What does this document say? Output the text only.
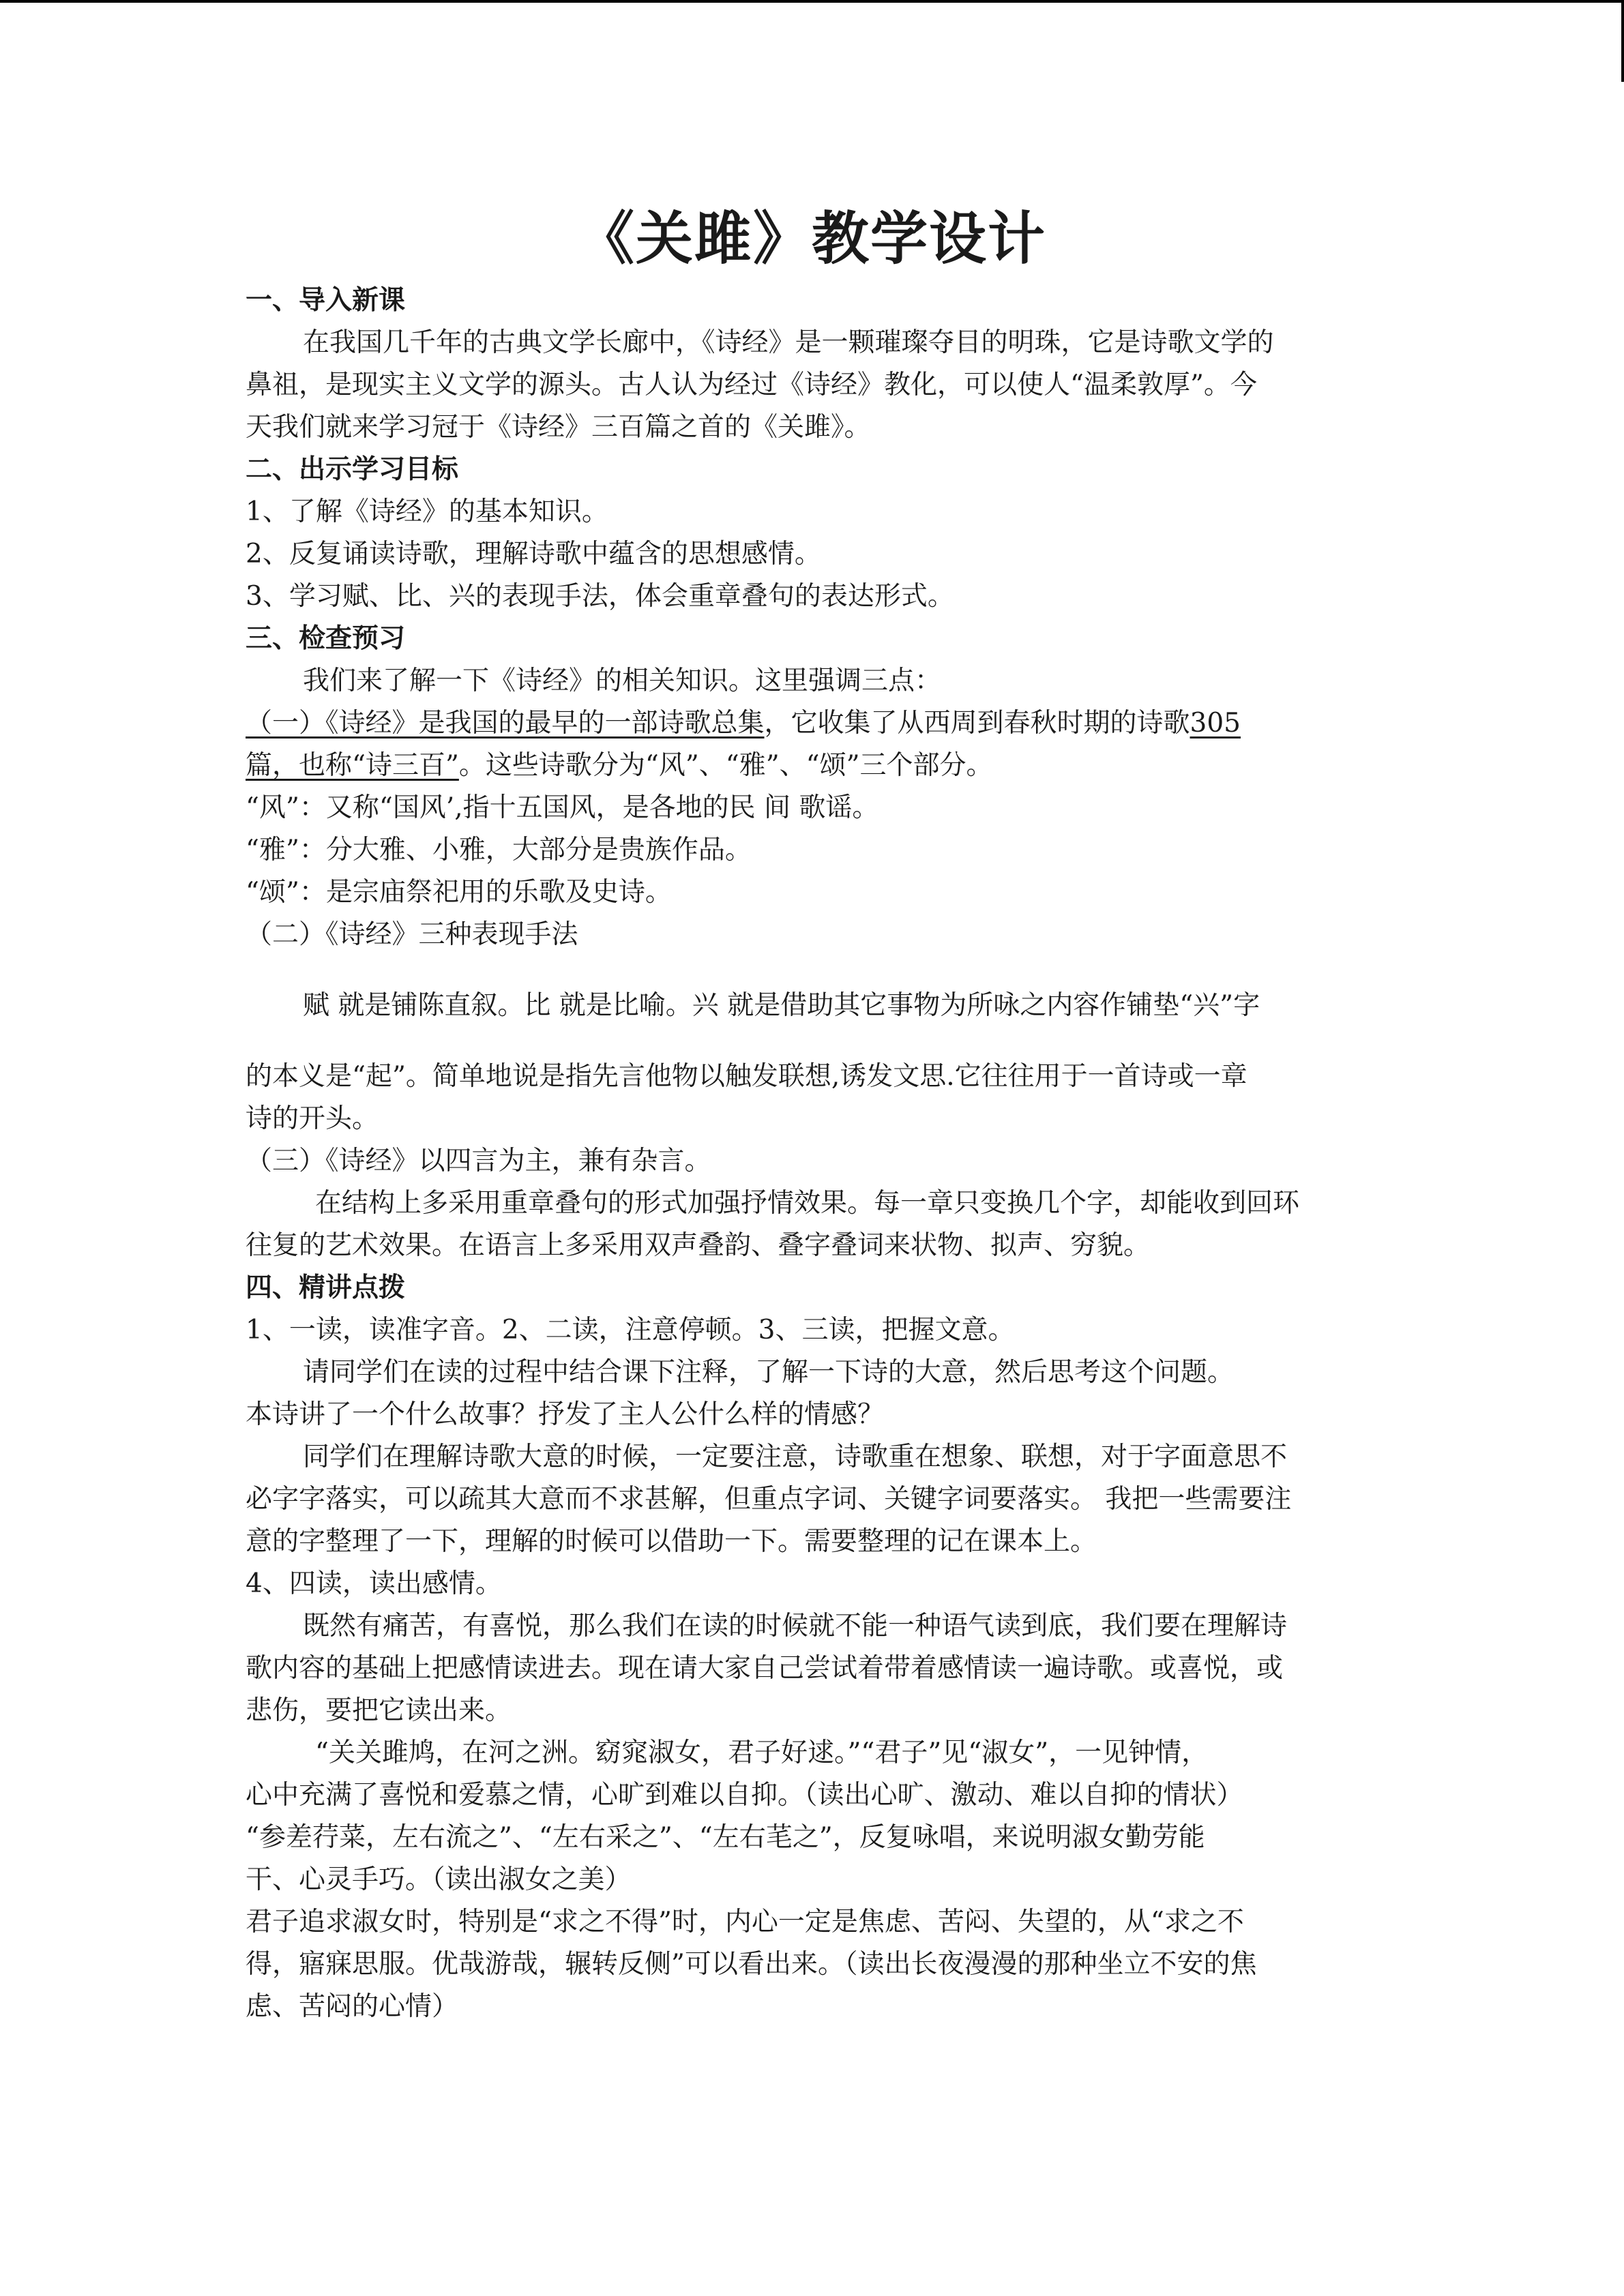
《关雎》教学设计

一、导入新课

在我国几千年的古典文学长廊中，《诗经》是一颗璀璨夺目的明珠，它是诗歌文学的

鼻祖，是现实主义文学的源头。古人认为经过《诗经》教化，可以使人“温柔敦厚”。今

天我们就来学习冠于《诗经》三百篇之首的《关雎》。

二、出示学习目标

1、了解《诗经》的基本知识。

2、反复诵读诗歌，理解诗歌中蕴含的思想感情。

3、学习赋、比、兴的表现手法，体会重章叠句的表达形式。

三、检查预习

我们来了解一下《诗经》的相关知识。这里强调三点：

（一）《诗经》是我国的最早的一部诗歌总集，它收集了从西周到春秋时期的诗歌305

篇，也称“诗三百”。这些诗歌分为“风”、“雅”、“颂”三个部分。

“风”：又称“国风’,指十五国风，是各地的民 间 歌谣。

“雅”：分大雅、小雅，大部分是贵族作品。

“颂”：是宗庙祭祀用的乐歌及史诗。

（二）《诗经》三种表现手法

赋 就是铺陈直叙。比 就是比喻。兴 就是借助其它事物为所咏之内容作铺垫“兴”字

的本义是“起”。简单地说是指先言他物以触发联想,诱发文思.它往往用于一首诗或一章

诗的开头。

（三）《诗经》以四言为主，兼有杂言。

在结构上多采用重章叠句的形式加强抒情效果。每一章只变换几个字，却能收到回环

往复的艺术效果。在语言上多采用双声叠韵、叠字叠词来状物、拟声、穷貌。

四、精讲点拨

1、一读，读准字音。2、二读，注意停顿。3、三读，把握文意。

请同学们在读的过程中结合课下注释，了解一下诗的大意，然后思考这个问题。

本诗讲了一个什么故事？抒发了主人公什么样的情感？

同学们在理解诗歌大意的时候，一定要注意，诗歌重在想象、联想，对于字面意思不

必字字落实，可以疏其大意而不求甚解，但重点字词、关键字词要落实。 我把一些需要注

意的字整理了一下，理解的时候可以借助一下。需要整理的记在课本上。

4、四读，读出感情。

既然有痛苦，有喜悦，那么我们在读的时候就不能一种语气读到底，我们要在理解诗

歌内容的基础上把感情读进去。现在请大家自己尝试着带着感情读一遍诗歌。或喜悦，或

悲伤，要把它读出来。

“关关雎鸠，在河之洲。窈窕淑女，君子好逑。”“君子”见“淑女”，一见钟情，

心中充满了喜悦和爱慕之情，心旷到难以自抑。（读出心旷、激动、难以自抑的情状）

“参差荇菜，左右流之”、“左右采之”、“左右芼之”，反复咏唱，来说明淑女勤劳能

干、心灵手巧。（读出淑女之美）

君子追求淑女时，特别是“求之不得”时，内心一定是焦虑、苦闷、失望的，从“求之不

得，寤寐思服。优哉游哉，辗转反侧”可以看出来。（读出长夜漫漫的那种坐立不安的焦

虑、苦闷的心情）
